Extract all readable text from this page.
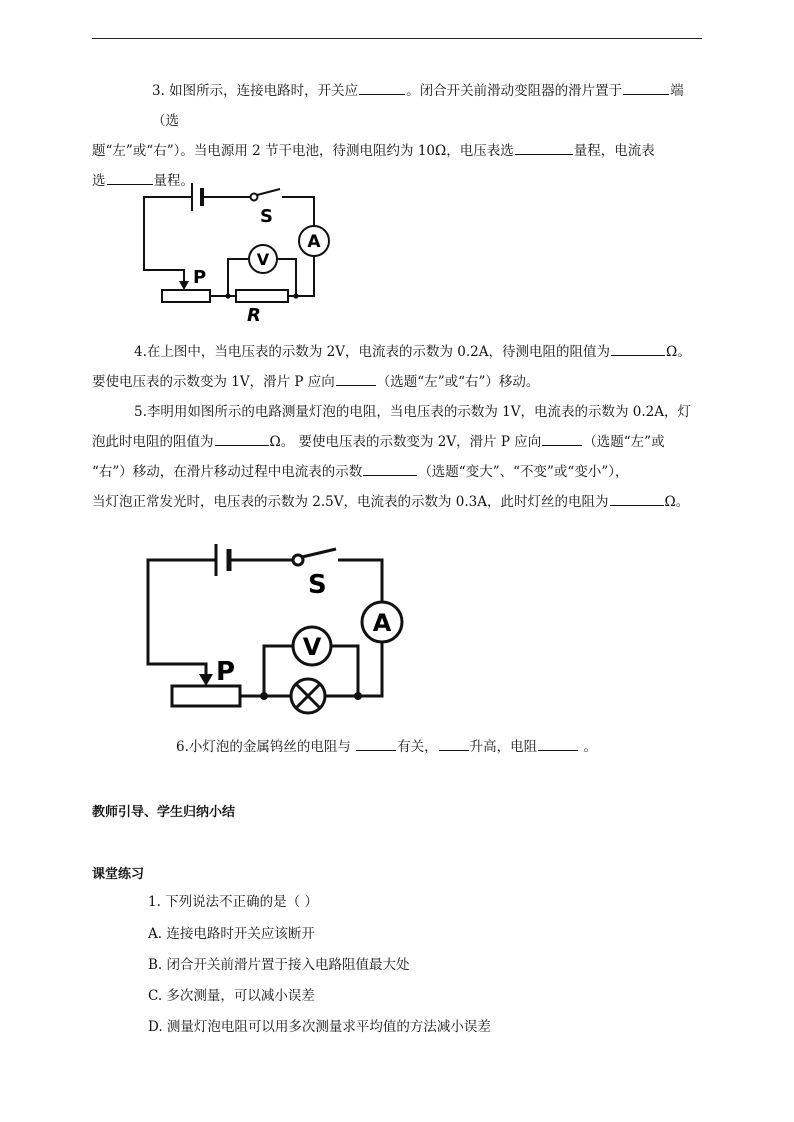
3. 如图所示，连接电路时，开关应	。闭合开关前滑动变阻器的滑片置于	端（选
题“左”或“右”）。当电源用 2 节干电池，待测电阻约为 10Ω，电压表选	量程，电流表
选	量程。
S
A
V
P
R
4.在上图中，当电压表的示数为 2V，电流表的示数为 0.2A，待测电阻的阻值为	Ω。
要使电压表的示数变为 1V，滑片 P 应向	（选题“左”或“右”）移动。
5.李明用如图所示的电路测量灯泡的电阻，当电压表的示数为 1V，电流表的示数为 0.2A，灯
泡此时电阻的阻值为	Ω。 要使电压表的示数变为 2V，滑片 P 应向	（选题“左”或
“右”）移动，在滑片移动过程中电流表的示数	（选题“变大”、“不变”或“变小”），
当灯泡正常发光时，电压表的示数为 2.5V，电流表的示数为 0.3A，此时灯丝的电阻为	Ω。
S
A
V
P
6.小灯泡的金属钨丝的电阻与	有关， 升高，电阻	。
教师引导、学生归纳小结
课堂练习
1. 下列说法不正确的是（ ）
A. 连接电路时开关应该断开
B. 闭合开关前滑片置于接入电路阻值最大处
C. 多次测量，可以减小误差
D. 测量灯泡电阻可以用多次测量求平均值的方法减小误差
